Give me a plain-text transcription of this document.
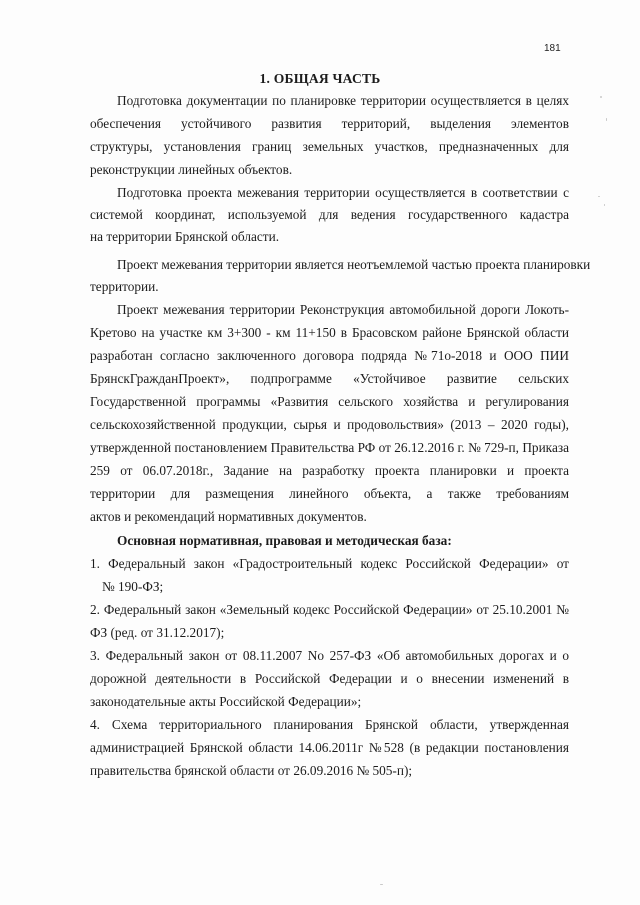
181
1. ОБЩАЯ ЧАСТЬ
Подготовка документации по планировке территории осуществляется в целях
обеспечения устойчивого развития территорий, выделения элементов
структуры, установления границ земельных участков, предназначенных для
реконструкции линейных объектов.
Подготовка проекта межевания территории осуществляется в соответствии с
системой координат, используемой для ведения государственного кадастра
на территории Брянской области.
Проект межевания территории является неотъемлемой частью проекта планировки
территории.
Проект межевания территории Реконструкция автомобильной дороги Локоть-
Кретово на участке км 3+300 - км 11+150 в Брасовском районе Брянской области
разработан согласно заключенного договора подряда №71о-2018 и ООО ПИИ
БрянскГражданПроект», подпрограмме «Устойчивое развитие сельских
Государственной программы «Развития сельского хозяйства и регулирования
сельскохозяйственной продукции, сырья и продовольствия» (2013 – 2020 годы),
утвержденной постановлением Правительства РФ от 26.12.2016 г. № 729-п, Приказа
259 от 06.07.2018г., Задание на разработку проекта планировки и проекта
территории для размещения линейного объекта, а также требованиям
актов и рекомендаций нормативных документов.
Основная нормативная, правовая и методическая база:
1. Федеральный закон «Градостроительный кодекс Российской Федерации» от
№ 190-ФЗ;
2. Федеральный закон «Земельный кодекс Российской Федерации» от 25.10.2001 №
ФЗ (ред. от 31.12.2017);
3. Федеральный закон от 08.11.2007 No 257-ФЗ «Об автомобильных дорогах и о
дорожной деятельности в Российской Федерации и о внесении изменений в
законодательные акты Российской Федерации»;
4. Схема территориального планирования Брянской области, утвержденная
администрацией Брянской области 14.06.2011г №528 (в редакции постановления
правительства брянской области от 26.09.2016 № 505-п);
